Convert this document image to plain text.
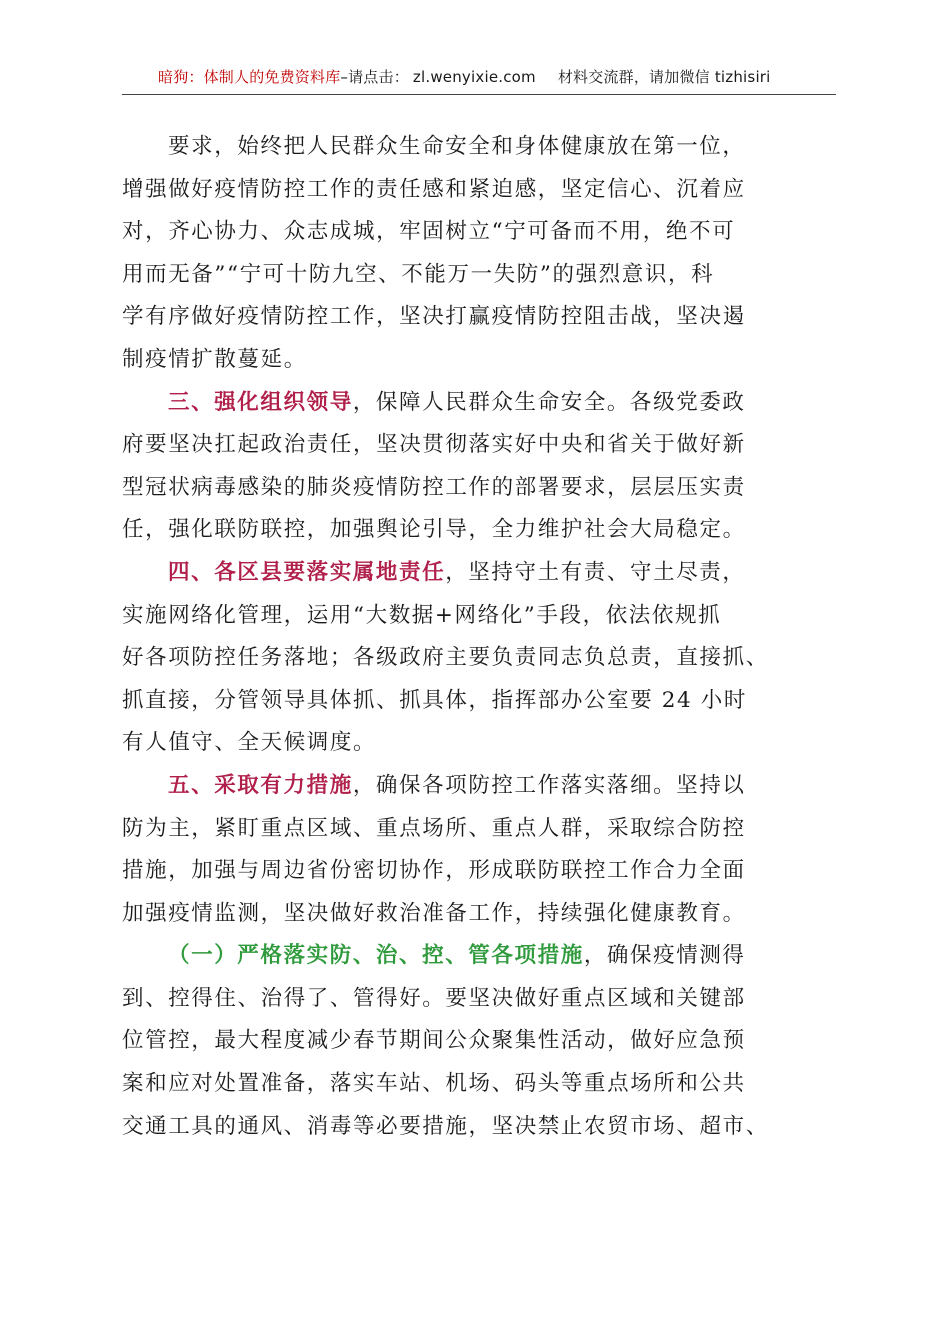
暗狗：体制人的免费资料库 –请点击： zl.wenyixie.com 材料交流群，请加微信 tizhisiri

要求，始终把人民群众生命安全和身体健康放在第一位，
增强做好疫情防控工作的责任感和紧迫感，坚定信心、沉着应
对，齐心协力、众志成城，牢固树立“宁可备而不用，绝不可
用而无备”“宁可十防九空、不能万一失防”的强烈意识，科
学有序做好疫情防控工作，坚决打赢疫情防控阻击战，坚决遏
制疫情扩散蔓延。

三、强化组织领导，保障人民群众生命安全。各级党委政
府要坚决扛起政治责任，坚决贯彻落实好中央和省关于做好新
型冠状病毒感染的肺炎疫情防控工作的部署要求，层层压实责
任，强化联防联控，加强舆论引导，全力维护社会大局稳定。

四、各区县要落实属地责任，坚持守土有责、守土尽责，
实施网络化管理，运用“大数据+网络化”手段，依法依规抓
好各项防控任务落地；各级政府主要负责同志负总责，直接抓、
抓直接，分管领导具体抓、抓具体，指挥部办公室要 24 小时
有人值守、全天候调度。

五、采取有力措施，确保各项防控工作落实落细。坚持以
防为主，紧盯重点区域、重点场所、重点人群，采取综合防控
措施，加强与周边省份密切协作，形成联防联控工作合力全面
加强疫情监测，坚决做好救治准备工作，持续强化健康教育。

（一）严格落实防、治、控、管各项措施，确保疫情测得
到、控得住、治得了、管得好。要坚决做好重点区域和关键部
位管控，最大程度减少春节期间公众聚集性活动，做好应急预
案和应对处置准备，落实车站、机场、码头等重点场所和公共
交通工具的通风、消毒等必要措施，坚决禁止农贸市场、超市、
